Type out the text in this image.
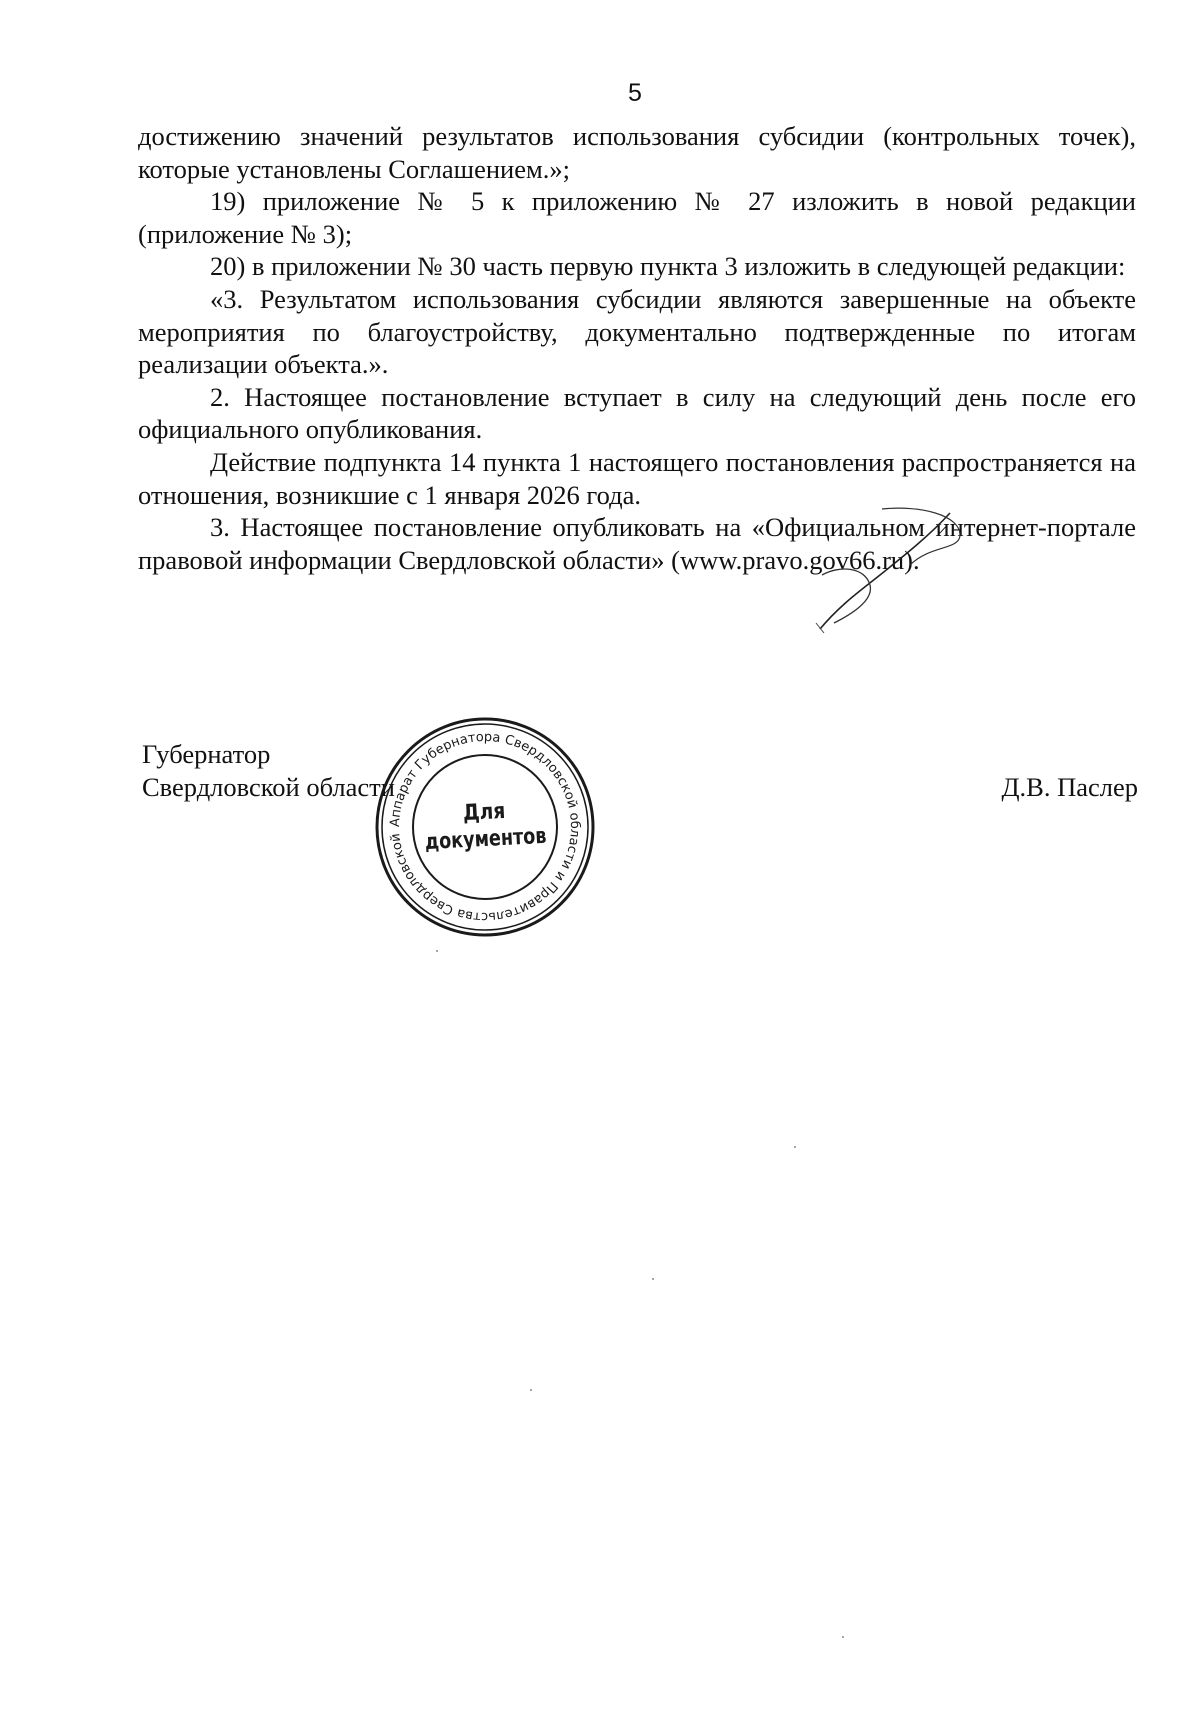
5

достижению значений результатов использования субсидии (контрольных точек), которые установлены Соглашением.»;

19) приложение № 5 к приложению № 27 изложить в новой редакции (приложение № 3);

20) в приложении № 30 часть первую пункта 3 изложить в следующей редакции:

«3. Результатом использования субсидии являются завершенные на объекте мероприятия по благоустройству, документально подтвержденные по итогам реализации объекта.».

2. Настоящее постановление вступает в силу на следующий день после его официального опубликования.

Действие подпункта 14 пункта 1 настоящего постановления распространяется на отношения, возникшие с 1 января 2026 года.

3. Настоящее постановление опубликовать на «Официальном интернет-портале правовой информации Свердловской области» (www.pravo.gov66.ru).

Губернатор
Свердловской области	Д.В. Паслер
Аппарат Губернатора Свердловской области и Правительства Свердловской
Для
документов
